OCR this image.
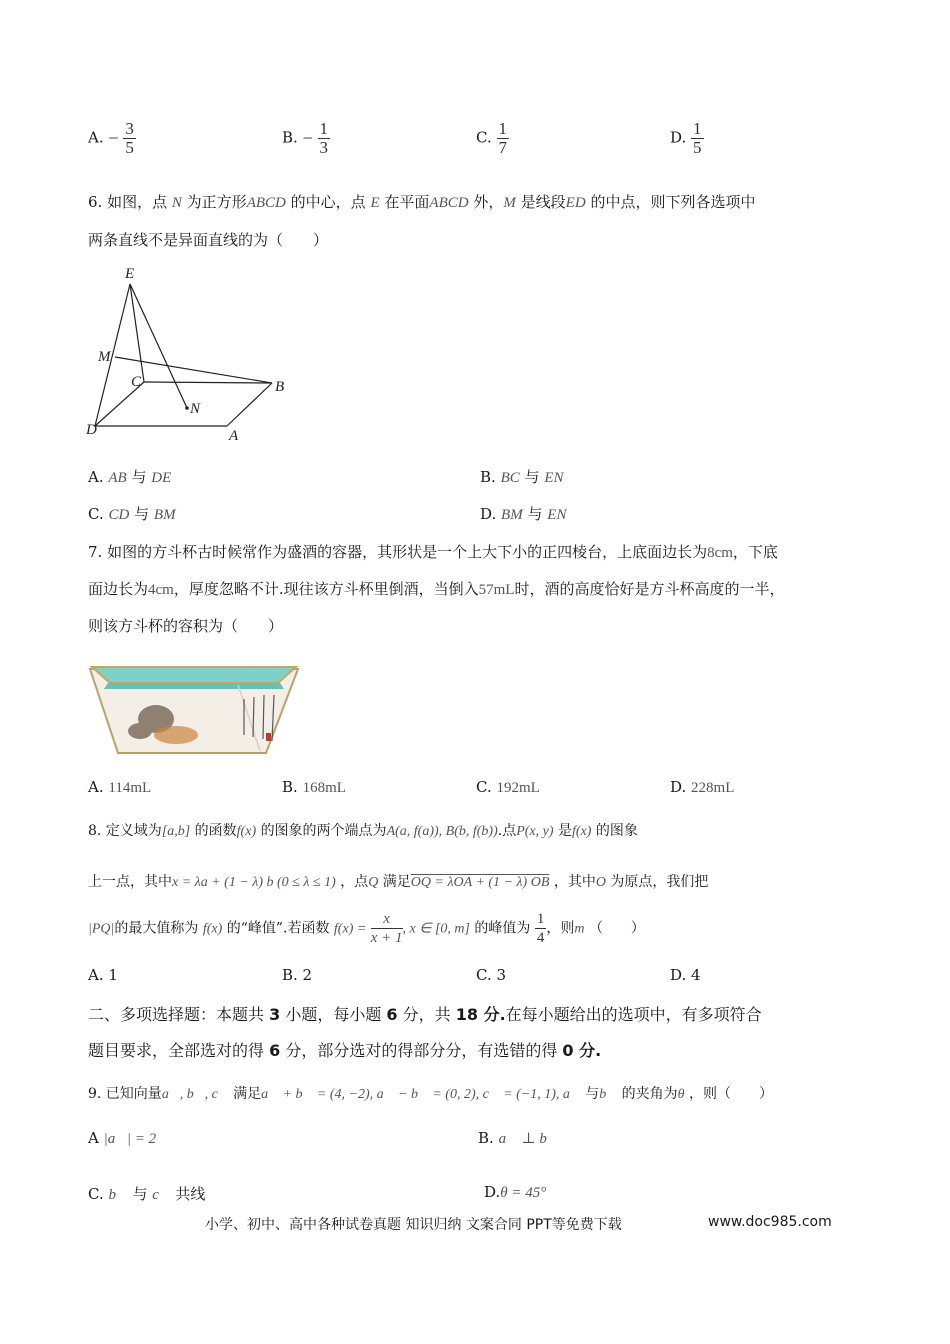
A. − $\frac{3}{5}$	B. − $\frac{1}{3}$	C. $\frac{1}{7}$	D. $\frac{1}{5}$
6. 如图，点 N 为正方形ABCD 的中心，点 E 在平面ABCD 外，M 是线段ED 的中点，则下列各选项中
两条直线不是异面直线的为（　　）
E
M
C	B
N
D	A
A. AB 与 DE	B. BC 与 EN
C. CD 与 BM	D. BM 与 EN
7. 如图的方斗杯古时候常作为盛酒的容器，其形状是一个上大下小的正四棱台，上底面边长为8cm，下底
面边长为4cm，厚度忽略不计.现往该方斗杯里倒酒，当倒入57mL时，酒的高度恰好是方斗杯高度的一半，
则该方斗杯的容积为（　　）
A. 114mL	B. 168mL	C. 192mL	D. 228mL
8. 定义域为[a,b] 的函数f(x) 的图象的两个端点为A(a, f(a)), B(b, f(b)).点P(x, y) 是f(x) 的图象
上一点，其中x = λa + (1 − λ) b (0 ≤ λ ≤ 1) ，点Q 满足OQ = λOA + (1 − λ) OB ，其中O 为原点，我们把
|PQ|的最大值称为 f(x) 的“峰值”.若函数 $f(x) = \frac{x}{x + 1}$ , x ∈ [0, m] 的峰值为 $\frac{1}{4}$ ，则m （　　）
A. 1	B. 2	C. 3	D. 4
二、多项选择题：本题共 3 小题，每小题 6 分，共 18 分.在每小题给出的选项中，有多项符合
题目要求，全部选对的得 6 分，部分选对的得部分分，有选错的得 0 分.
9. 已知向量a⃗, b⃗, c⃗ 满足a⃗ + b⃗ = (4, −2), a⃗ − b⃗ = (0, 2), c⃗ = (−1, 1), a⃗ 与b⃗ 的夹角为θ ，则（　　）
A |a⃗| = 2	B. a⃗ ⊥ b⃗
C. b⃗ 与 c⃗ 共线	D.θ = 45°
小学、初中、高中各种试卷真题 知识归纳 文案合同 PPT等免费下载	www.doc985.com
